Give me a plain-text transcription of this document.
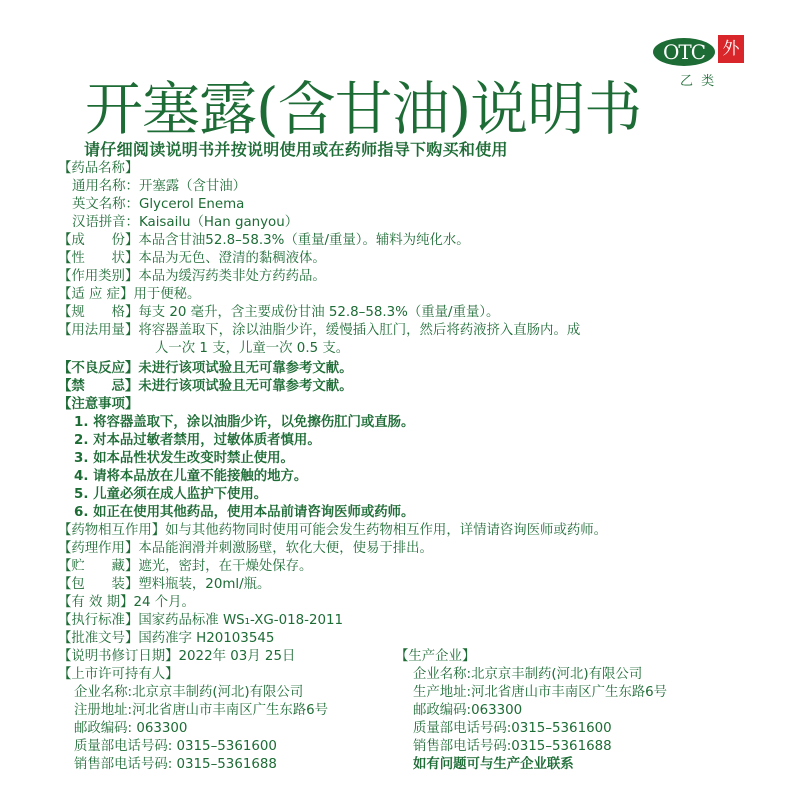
OTC	外
乙 类
开塞露(含甘油)说明书
请仔细阅读说明书并按说明使用或在药师指导下购买和使用
【药品名称】
通用名称：开塞露（含甘油）
英文名称：Glycerol Enema
汉语拼音：Kaisailu（Han ganyou）
【成　　份】本品含甘油52.8–58.3%（重量/重量）。辅料为纯化水。
【性　　状】本品为无色、澄清的黏稠液体。
【作用类别】本品为缓泻药类非处方药药品。
【适 应 症】用于便秘。
【规　　格】每支 20 毫升，含主要成份甘油 52.8–58.3%（重量/重量）。
【用法用量】将容器盖取下，涂以油脂少许，缓慢插入肛门，然后将药液挤入直肠内。成
人一次 1 支，儿童一次 0.5 支。
【不良反应】未进行该项试验且无可靠参考文献。
【禁　　忌】未进行该项试验且无可靠参考文献。
【注意事项】
1. 将容器盖取下，涂以油脂少许，以免擦伤肛门或直肠。
2. 对本品过敏者禁用，过敏体质者慎用。
3. 如本品性状发生改变时禁止使用。
4. 请将本品放在儿童不能接触的地方。
5. 儿童必须在成人监护下使用。
6. 如正在使用其他药品，使用本品前请咨询医师或药师。
【药物相互作用】如与其他药物同时使用可能会发生药物相互作用，详情请咨询医师或药师。
【药理作用】本品能润滑并刺激肠壁，软化大便，使易于排出。
【贮　　藏】遮光，密封，在干燥处保存。
【包　　装】塑料瓶装，20ml/瓶。
【有 效 期】24 个月。
【执行标准】国家药品标准 WS₁-XG-018-2011
【批准文号】国药准字 H20103545
【说明书修订日期】2022年 03月 25日
【上市许可持有人】
企业名称:北京京丰制药(河北)有限公司
注册地址:河北省唐山市丰南区广生东路6号
邮政编码: 063300
质量部电话号码: 0315–5361600
销售部电话号码: 0315–5361688
【生产企业】
企业名称:北京京丰制药(河北)有限公司
生产地址:河北省唐山市丰南区广生东路6号
邮政编码:063300
质量部电话号码:0315–5361600
销售部电话号码:0315–5361688
如有问题可与生产企业联系
